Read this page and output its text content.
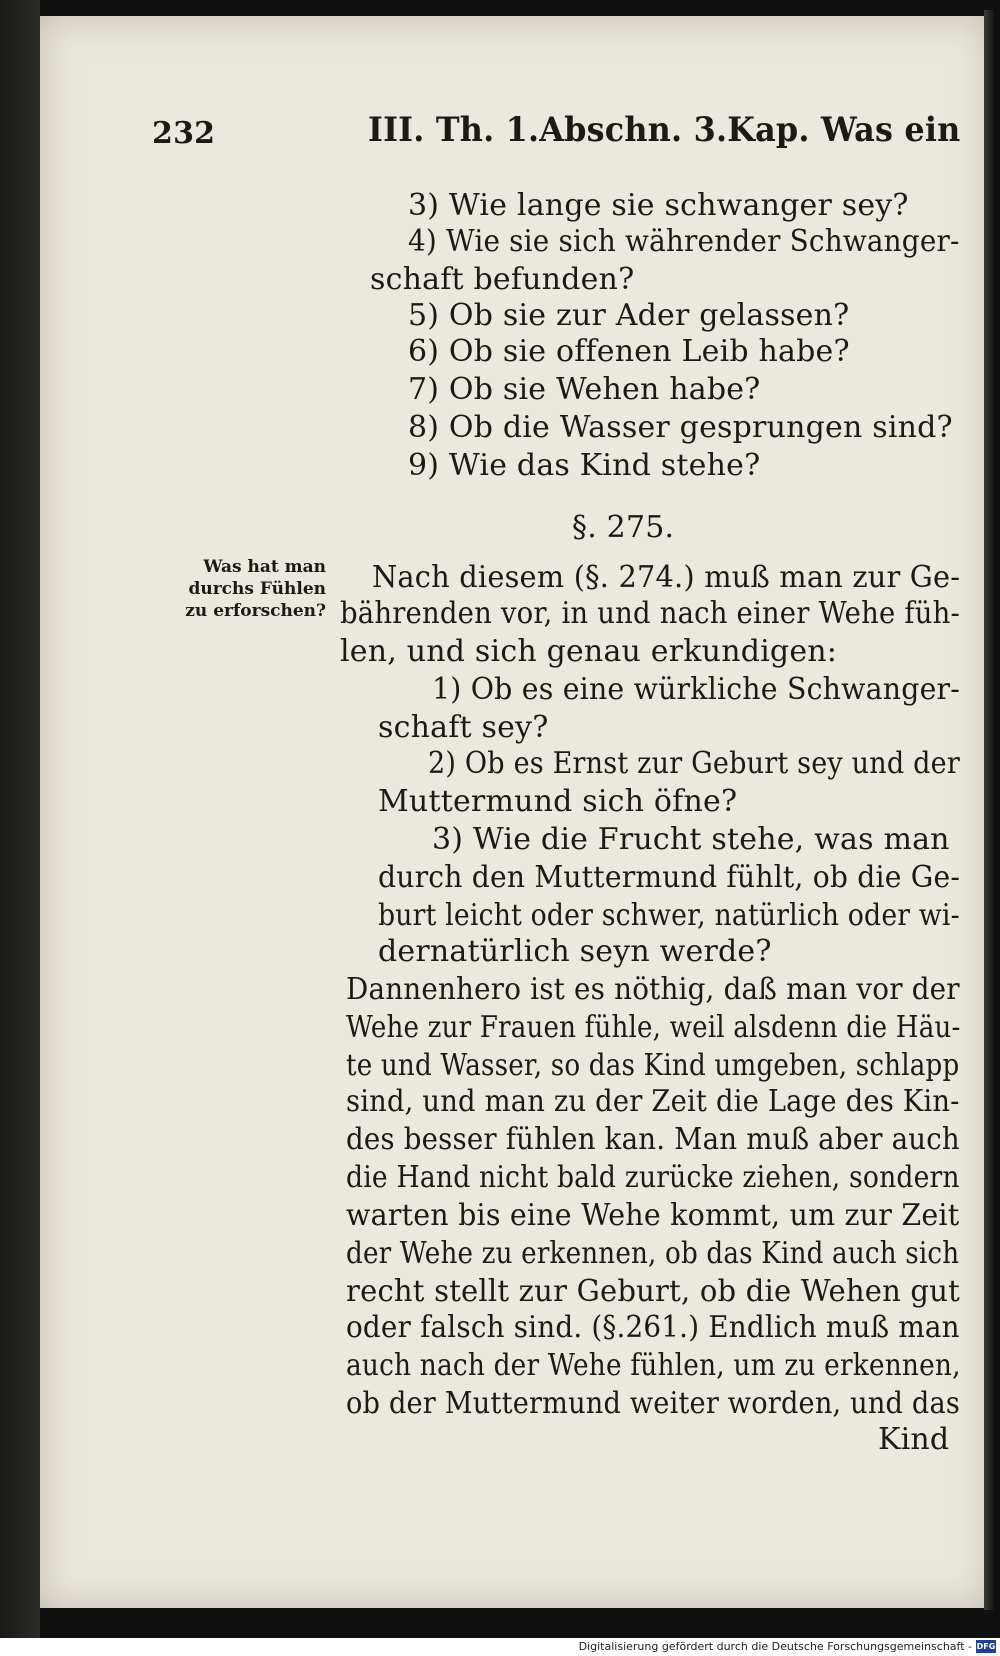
232	III. Th. 1.Abschn. 3.Kap. Was ein
3) Wie lange sie schwanger sey?
4) Wie sie sich währender Schwanger-
schaft befunden?
5) Ob sie zur Ader gelassen?
6) Ob sie offenen Leib habe?
7) Ob sie Wehen habe?
8) Ob die Wasser gesprungen sind?
9) Wie das Kind stehe?
§. 275.
Was hat man
durchs Fühlen
zu erforschen?
Nach diesem (§. 274.) muß man zur Ge-
bährenden vor, in und nach einer Wehe füh-
len, und sich genau erkundigen:
1) Ob es eine würkliche Schwanger-
schaft sey?
2) Ob es Ernst zur Geburt sey und der
Muttermund sich öfne?
3) Wie die Frucht stehe, was man
durch den Muttermund fühlt, ob die Ge-
burt leicht oder schwer, natürlich oder wi-
dernatürlich seyn werde?
Dannenhero ist es nöthig, daß man vor der
Wehe zur Frauen fühle, weil alsdenn die Häu-
te und Wasser, so das Kind umgeben, schlapp
sind, und man zu der Zeit die Lage des Kin-
des besser fühlen kan. Man muß aber auch
die Hand nicht bald zurücke ziehen, sondern
warten bis eine Wehe kommt, um zur Zeit
der Wehe zu erkennen, ob das Kind auch sich
recht stellt zur Geburt, ob die Wehen gut
oder falsch sind. (§.261.) Endlich muß man
auch nach der Wehe fühlen, um zu erkennen,
ob der Muttermund weiter worden, und das
Kind
Digitalisierung gefördert durch die Deutsche Forschungsgemeinschaft - DFG
